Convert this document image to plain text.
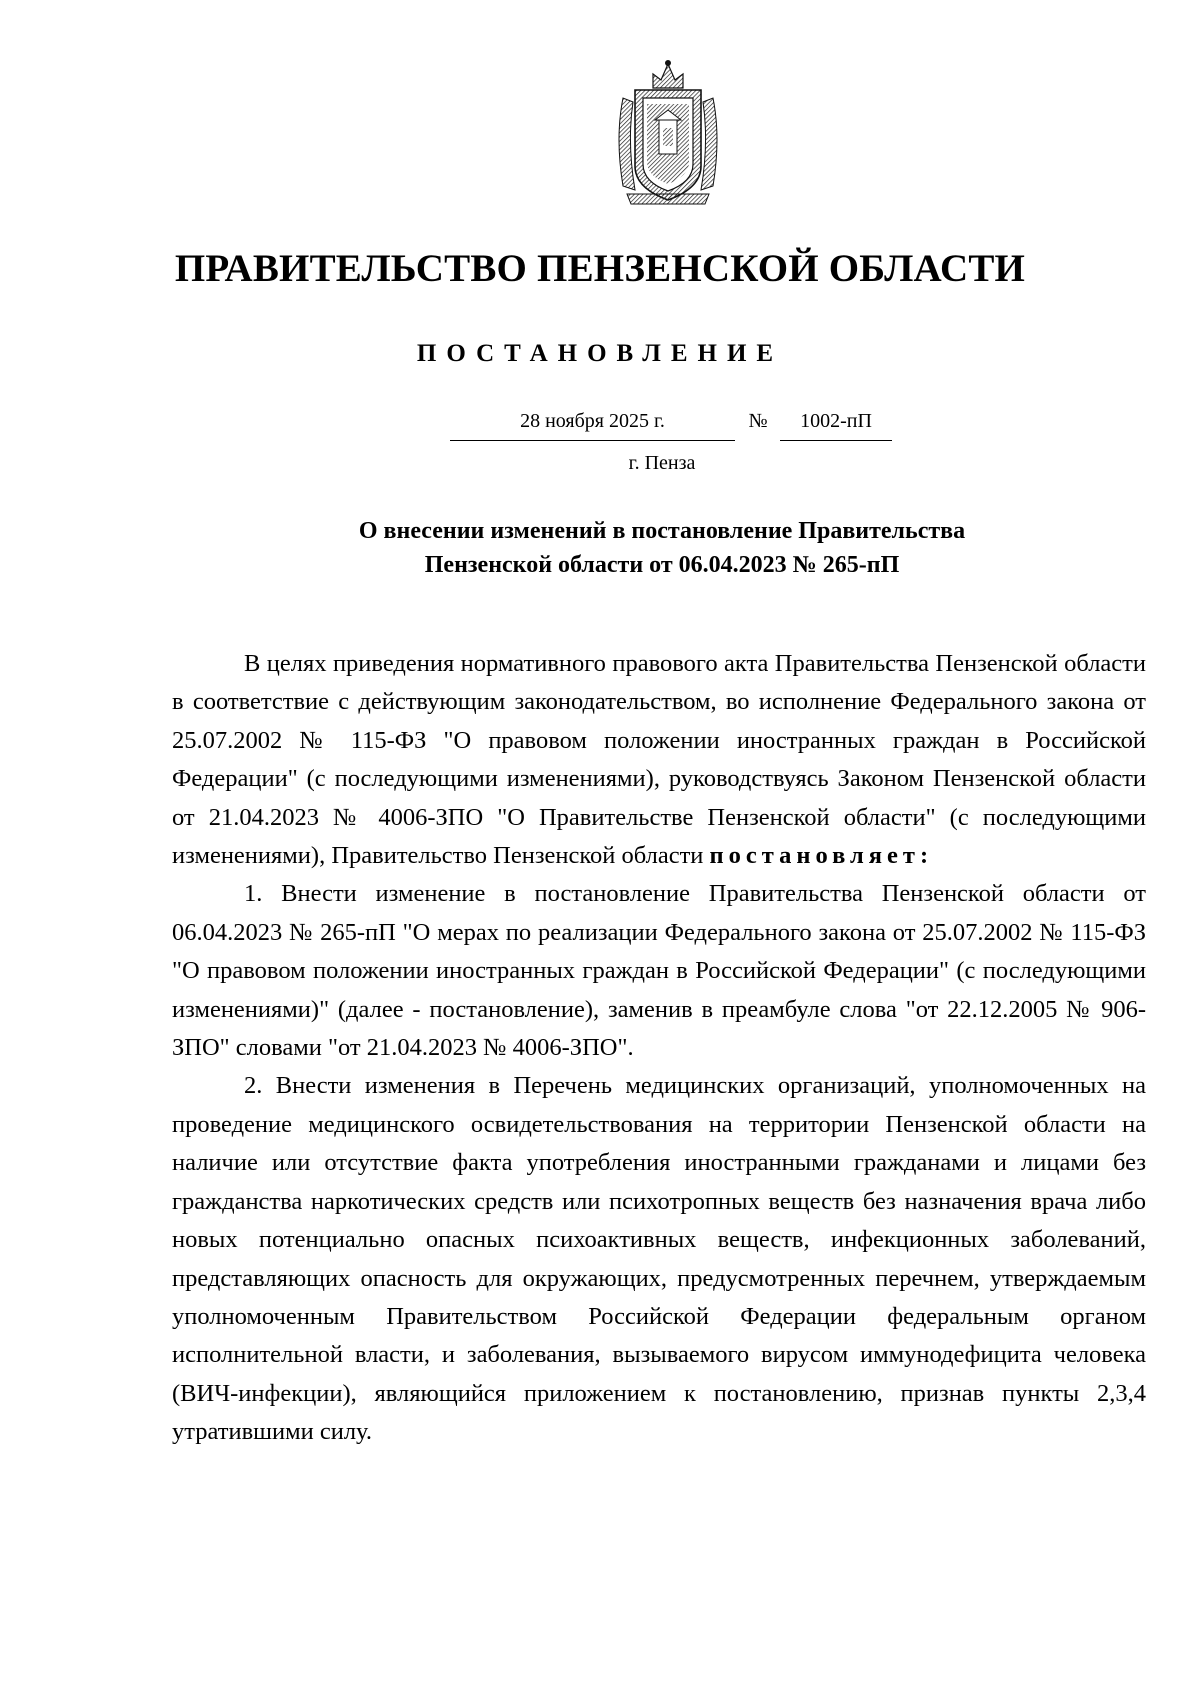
ПРАВИТЕЛЬСТВО ПЕНЗЕНСКОЙ ОБЛАСТИ
ПОСТАНОВЛЕНИЕ
28 ноября 2025 г.	№	1002-пП
г. Пенза
О внесении изменений в постановление Правительства
Пензенской области от 06.04.2023 № 265-пП

В целях приведения нормативного правового акта Правительства Пензенской области в соответствие с действующим законодательством, во исполнение Федерального закона от 25.07.2002 № 115-ФЗ "О правовом положении иностранных граждан в Российской Федерации" (с последующими изменениями), руководствуясь Законом Пензенской области от 21.04.2023 № 4006-ЗПО "О Правительстве Пензенской области" (с последующими изменениями), Правительство Пензенской области постановляет:

1. Внести изменение в постановление Правительства Пензенской области от 06.04.2023 № 265-пП "О мерах по реализации Федерального закона от 25.07.2002 № 115-ФЗ "О правовом положении иностранных граждан в Российской Федерации" (с последующими изменениями)" (далее - постановление), заменив в преамбуле слова "от 22.12.2005 № 906-ЗПО" словами "от 21.04.2023 № 4006-ЗПО".

2. Внести изменения в Перечень медицинских организаций, уполномоченных на проведение медицинского освидетельствования на территории Пензенской области на наличие или отсутствие факта употребления иностранными гражданами и лицами без гражданства наркотических средств или психотропных веществ без назначения врача либо новых потенциально опасных психоактивных веществ, инфекционных заболеваний, представляющих опасность для окружающих, предусмотренных перечнем, утверждаемым уполномоченным Правительством Российской Федерации федеральным органом исполнительной власти, и заболевания, вызываемого вирусом иммунодефицита человека (ВИЧ-инфекции), являющийся приложением к постановлению, признав пункты 2,3,4 утратившими силу.
